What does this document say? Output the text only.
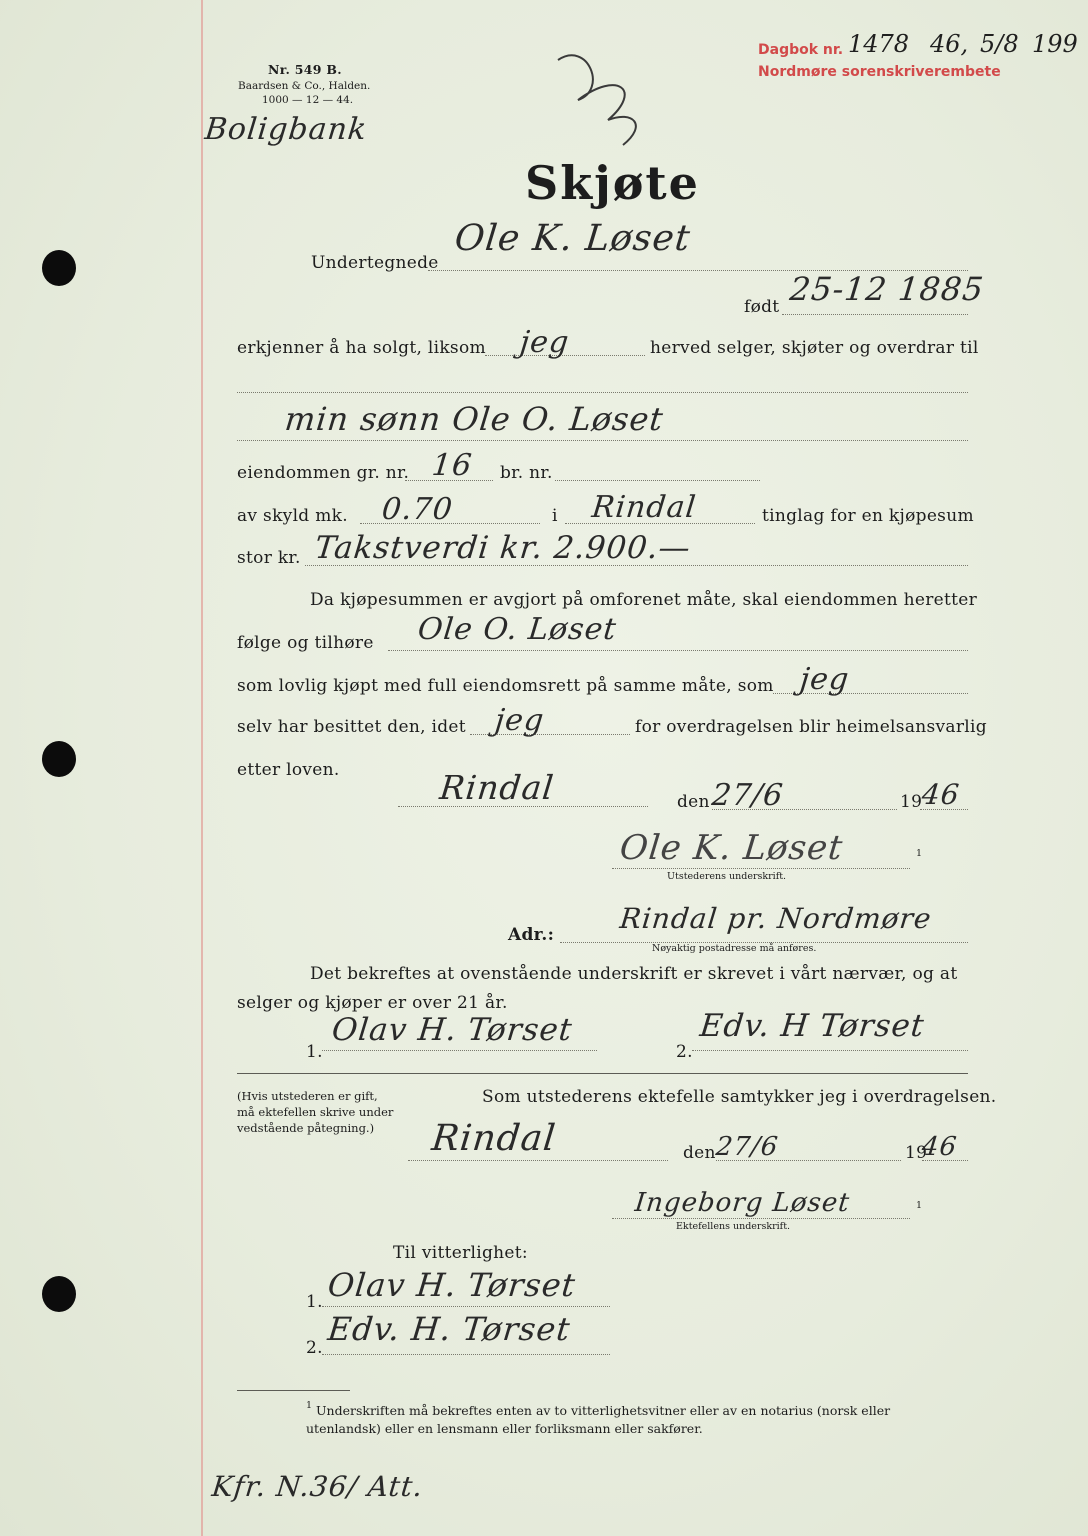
Nr. 549 B.
Baardsen & Co., Halden.
1000 — 12 — 44.
Boligbank
Dagbok nr.
Nordmøre sorenskriverembete
1478 46, 5/8 199
Skjøte
Undertegnede
Ole K. Løset
født 25-12 1885
erkjenner å ha solgt, liksom jeg	herved selger, skjøter og overdrar til
min sønn Ole O. Løset
eiendommen gr. nr. 16 br. nr.
av skyld mk. 0.70	i Rindal	tinglag for en kjøpesum
stor kr. Takstverdi kr. 2.900.—
Da kjøpesummen er avgjort på omforenet måte, skal eiendommen heretter
følge og tilhøre Ole O. Løset
som lovlig kjøpt med full eiendomsrett på samme måte, som jeg
selv har besittet den, idet jeg	for overdragelsen blir heimelsansvarlig
etter loven.	Rindal	den 27/6	19
46
Ole K. Løset	1
Utstederens underskrift.
Adr.: Rindal pr. Nordmøre
Nøyaktig postadresse må anføres.
Det bekreftes at ovenstående underskrift er skrevet i vårt nærvær, og at
selger og kjøper er over 21 år.
1.
Olav H. Tørset
2.
Edv. H Tørset
(Hvis utstederen er gift,
må ektefellen skrive under
vedstående påtegning.)
Som utstederens ektefelle samtykker jeg i overdragelsen.
Rindal	den
27/6	19
46
Ingeborg Løset	1
Ektefellens underskrift.
Til vitterlighet:
1. Olav H. Tørset
2. Edv. H. Tørset
1 Underskriften må bekreftes enten av to vitterlighetsvitner eller av en notarius (norsk eller
utenlandsk) eller en lensmann eller forliksmann eller sakfører.
Kfr. N.36/ Att.
